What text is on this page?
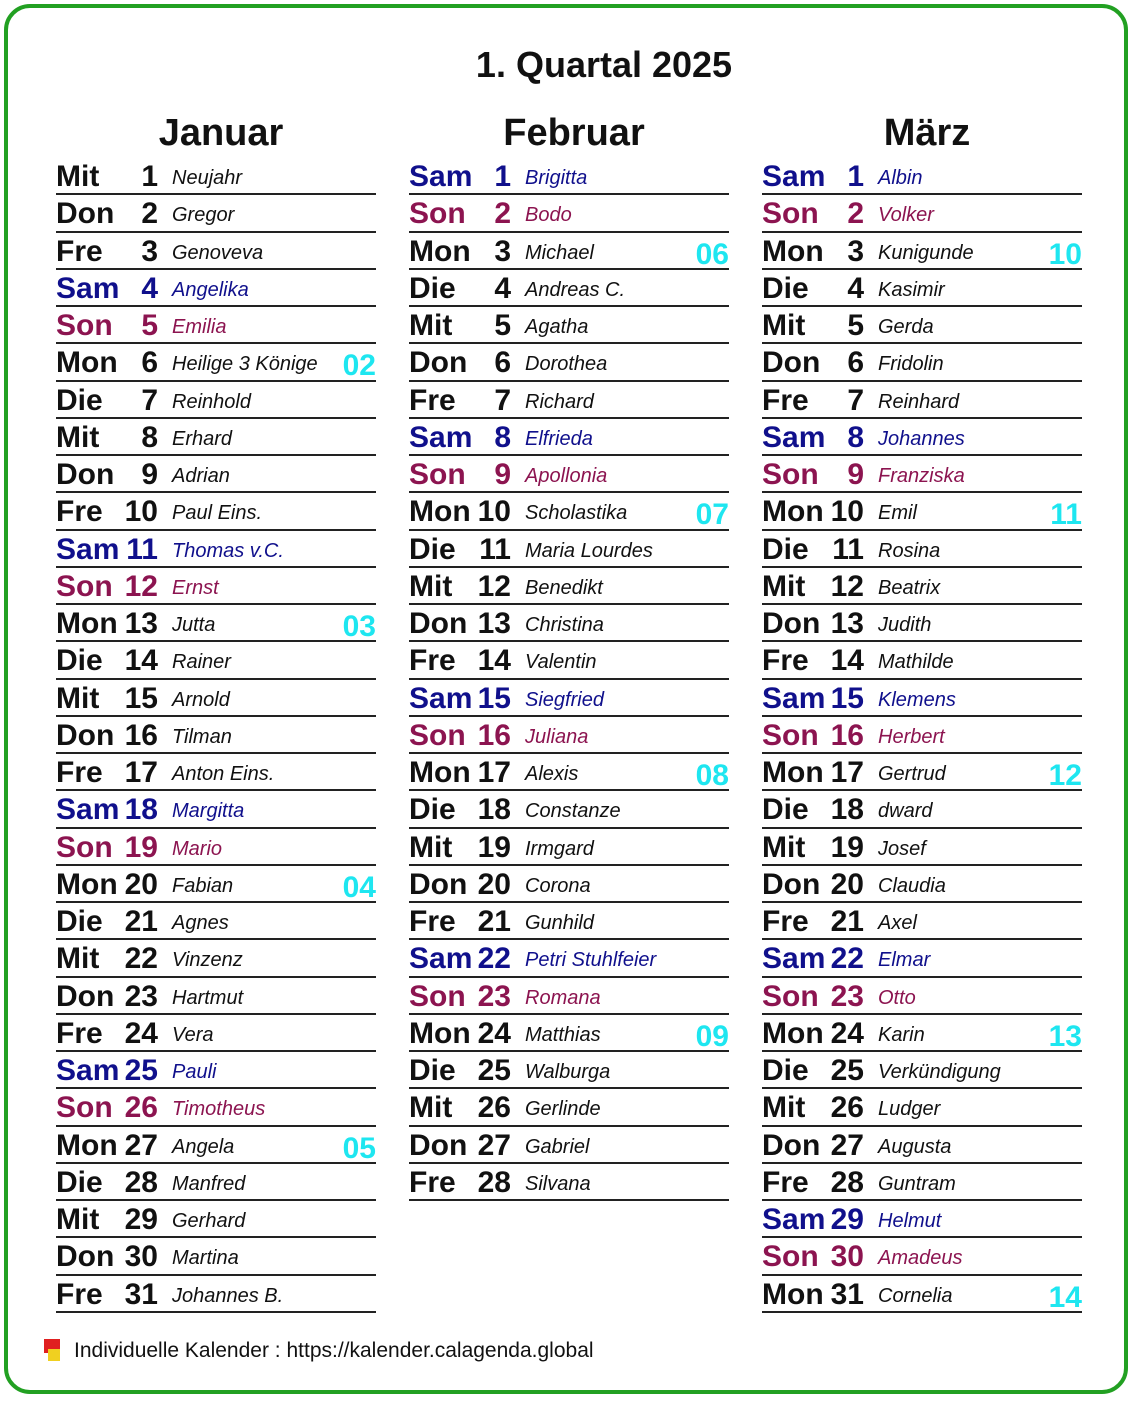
1. Quartal 2025
Januar
Mit	1 Neujahr
Don 2 Gregor
Fre	3 Genoveva
Sam 4 Angelika
Son 5 Emilia
Mon 6 Heilige 3 Könige 02
Die	7 Reinhold
Mit	8 Erhard
Don 9 Adrian
Fre 10 Paul Eins.
Sam 11 Thomas v.C.
Son 12 Ernst
Mon 13 Jutta	03
Die 14 Rainer
Mit 15 Arnold
Don 16 Tilman
Fre 17 Anton Eins.
Sam 18 Margitta
Son 19 Mario
Mon 20 Fabian	04
Die 21 Agnes
Mit 22 Vinzenz
Don 23 Hartmut
Fre 24 Vera
Sam 25 Pauli
Son 26 Timotheus
Mon 27 Angela	05
Die 28 Manfred
Mit 29 Gerhard
Don 30 Martina
Fre 31 Johannes B.
Februar
Sam 1 Brigitta
Son 2 Bodo
Mon 3 Michael	06
Die	4 Andreas C.
Mit	5 Agatha
Don 6 Dorothea
Fre	7 Richard
Sam 8 Elfrieda
Son 9 Apollonia
Mon 10 Scholastika 07
Die 11 Maria Lourdes
Mit 12 Benedikt
Don 13 Christina
Fre 14 Valentin
Sam 15 Siegfried
Son 16 Juliana
Mon 17 Alexis	08
Die 18 Constanze
Mit 19 Irmgard
Don 20 Corona
Fre 21 Gunhild
Sam 22 Petri Stuhlfeier
Son 23 Romana
Mon 24 Matthias	09
Die 25 Walburga
Mit 26 Gerlinde
Don 27 Gabriel
Fre 28 Silvana
März
Sam 1 Albin
Son 2 Volker
Mon 3 Kunigunde 10
Die	4 Kasimir
Mit	5 Gerda
Don 6 Fridolin
Fre	7 Reinhard
Sam 8 Johannes
Son 9 Franziska
Mon 10 Emil	11
Die 11 Rosina
Mit 12 Beatrix
Don 13 Judith
Fre 14 Mathilde
Sam 15 Klemens
Son 16 Herbert
Mon 17 Gertrud	12
Die 18 dward
Mit 19 Josef
Don 20 Claudia
Fre 21 Axel
Sam 22 Elmar
Son 23 Otto
Mon 24 Karin	13
Die 25 Verkündigung
Mit 26 Ludger
Don 27 Augusta
Fre 28 Guntram
Sam 29 Helmut
Son 30 Amadeus
Mon 31 Cornelia	14
Individuelle Kalender : https://kalender.calagenda.global
